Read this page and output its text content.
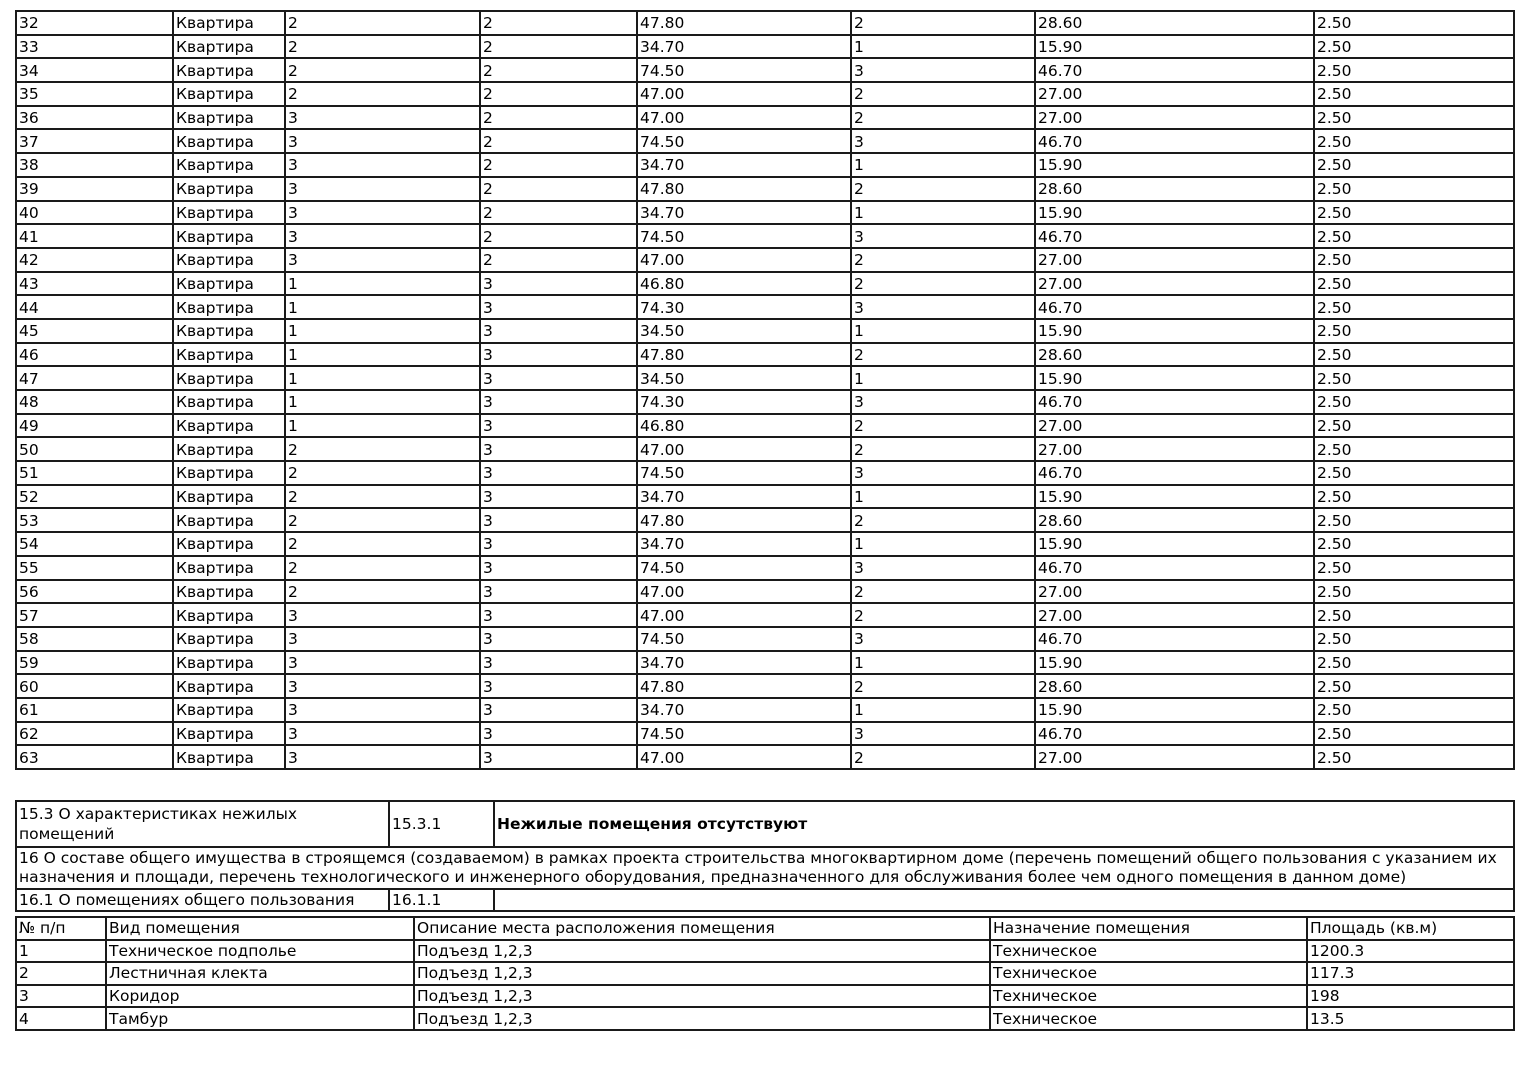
32	Квартира	2	2	47.80	2	28.60	2.50
33	Квартира	2	2	34.70	1	15.90	2.50
34	Квартира	2	2	74.50	3	46.70	2.50
35	Квартира	2	2	47.00	2	27.00	2.50
36	Квартира	3	2	47.00	2	27.00	2.50
37	Квартира	3	2	74.50	3	46.70	2.50
38	Квартира	3	2	34.70	1	15.90	2.50
39	Квартира	3	2	47.80	2	28.60	2.50
40	Квартира	3	2	34.70	1	15.90	2.50
41	Квартира	3	2	74.50	3	46.70	2.50
42	Квартира	3	2	47.00	2	27.00	2.50
43	Квартира	1	3	46.80	2	27.00	2.50
44	Квартира	1	3	74.30	3	46.70	2.50
45	Квартира	1	3	34.50	1	15.90	2.50
46	Квартира	1	3	47.80	2	28.60	2.50
47	Квартира	1	3	34.50	1	15.90	2.50
48	Квартира	1	3	74.30	3	46.70	2.50
49	Квартира	1	3	46.80	2	27.00	2.50
50	Квартира	2	3	47.00	2	27.00	2.50
51	Квартира	2	3	74.50	3	46.70	2.50
52	Квартира	2	3	34.70	1	15.90	2.50
53	Квартира	2	3	47.80	2	28.60	2.50
54	Квартира	2	3	34.70	1	15.90	2.50
55	Квартира	2	3	74.50	3	46.70	2.50
56	Квартира	2	3	47.00	2	27.00	2.50
57	Квартира	3	3	47.00	2	27.00	2.50
58	Квартира	3	3	74.50	3	46.70	2.50
59	Квартира	3	3	34.70	1	15.90	2.50
60	Квартира	3	3	47.80	2	28.60	2.50
61	Квартира	3	3	34.70	1	15.90	2.50
62	Квартира	3	3	74.50	3	46.70	2.50
63	Квартира	3	3	47.00	2	27.00	2.50
15.3 О характеристиках нежилых помещений	15.3.1	Нежилые помещения отсутствуют
16 О составе общего имущества в строящемся (создаваемом) в рамках проекта строительства многоквартирном доме (перечень помещений общего пользования с указанием их назначения и площади, перечень технологического и инженерного оборудования, предназначенного для обслуживания более чем одного помещения в данном доме)		
16.1 О помещениях общего пользования	16.1.1	
№ п/п	Вид помещения	Описание места расположения помещения	Назначение помещения	Площадь (кв.м)
1	Техническое подполье	Подъезд 1,2,3	Техническое	1200.3
2	Лестничная клекта	Подъезд 1,2,3	Техническое	117.3
3	Коридор	Подъезд 1,2,3	Техническое	198
4	Тамбур	Подъезд 1,2,3	Техническое	13.5
